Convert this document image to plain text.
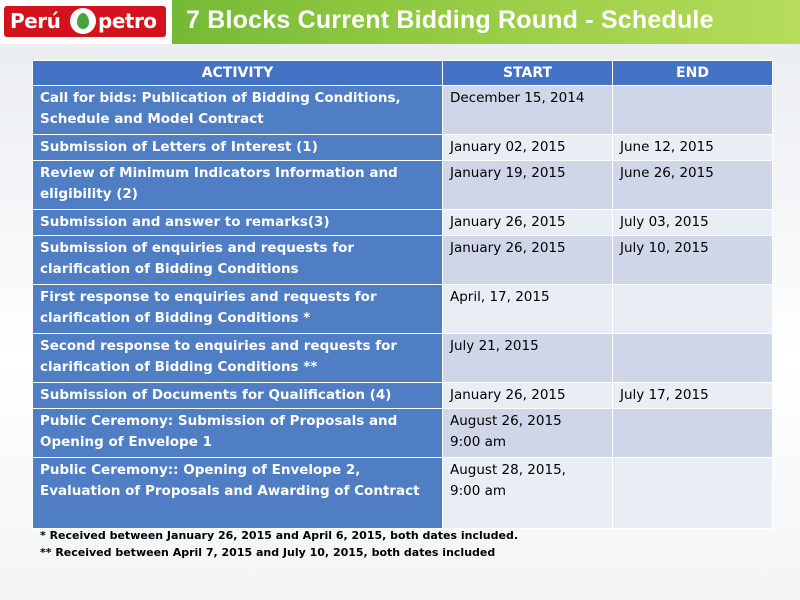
Perú petro 7 Blocks Current Bidding Round - Schedule
ACTIVITY	START	END
Call for bids: Publication of Bidding Conditions, Schedule and Model Contract	December 15, 2014	
Submission of Letters of Interest (1)	January 02, 2015	June 12, 2015
Review of Minimum Indicators Information and eligibility (2)	January 19, 2015	June 26, 2015
Submission and answer to remarks(3)	January 26, 2015	July 03, 2015
Submission of enquiries and requests for clarification of Bidding Conditions	January 26, 2015	July 10, 2015
First response to enquiries and requests for clarification of Bidding Conditions *	April, 17, 2015	
Second response to enquiries and requests for clarification of Bidding Conditions **	July 21, 2015	
Submission of Documents for Qualification (4)	January 26, 2015	July 17, 2015
Public Ceremony: Submission of Proposals and Opening of Envelope 1	August 26, 2015
9:00 am	
Public Ceremony:: Opening of Envelope 2, Evaluation of Proposals and Awarding of Contract	August 28, 2015,
9:00 am	
* Received between January 26, 2015 and April 6, 2015, both dates included.
** Received between April 7, 2015 and July 10, 2015, both dates included
